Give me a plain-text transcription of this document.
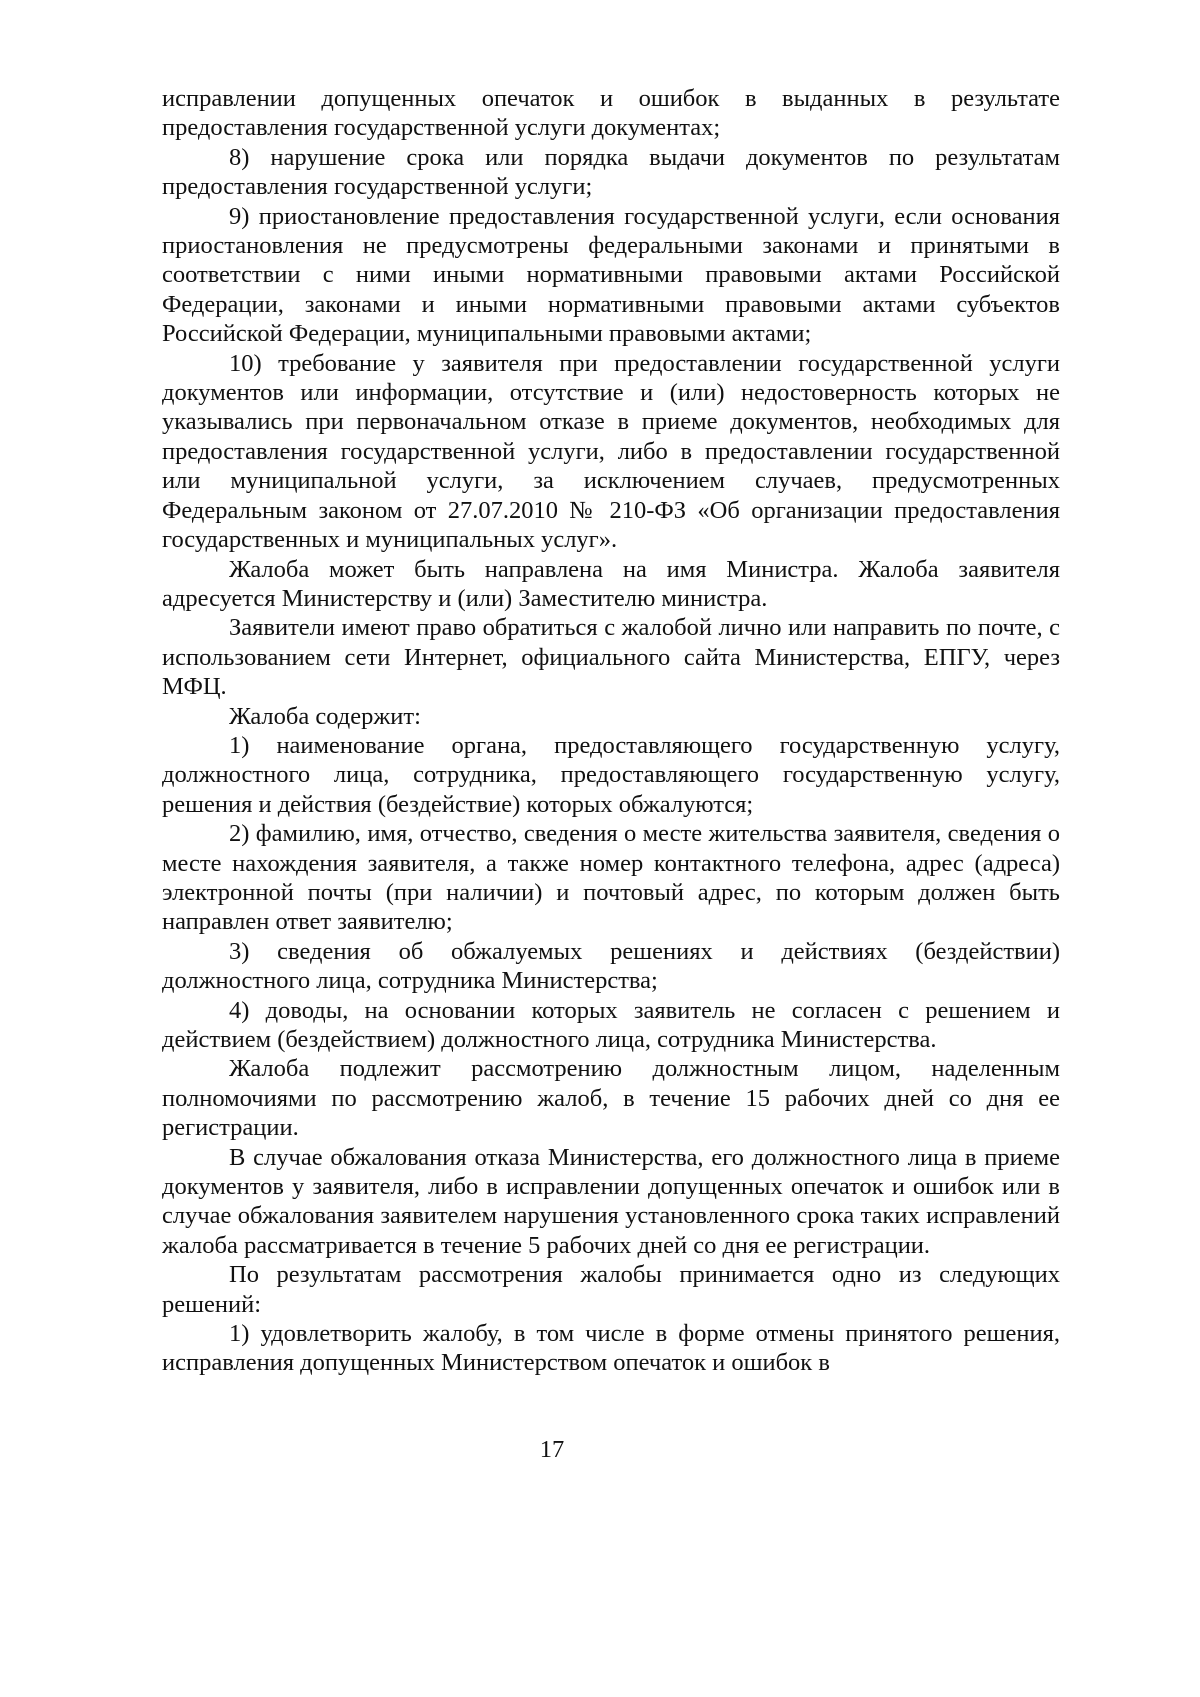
исправлении допущенных опечаток и ошибок в выданных в результате предоставления государственной услуги документах;

8) нарушение срока или порядка выдачи документов по результатам предоставления государственной услуги;

9) приостановление предоставления государственной услуги, если основания приостановления не предусмотрены федеральными законами и принятыми в соответствии с ними иными нормативными правовыми актами Российской Федерации, законами и иными нормативными правовыми актами субъектов Российской Федерации, муниципальными правовыми актами;

10) требование у заявителя при предоставлении государственной услуги документов или информации, отсутствие и (или) недостоверность которых не указывались при первоначальном отказе в приеме документов, необходимых для предоставления государственной услуги, либо в предоставлении государственной или муниципальной услуги, за исключением случаев, предусмотренных Федеральным законом от 27.07.2010 № 210-ФЗ «Об организации предоставления государственных и муниципальных услуг».

Жалоба может быть направлена на имя Министра. Жалоба заявителя адресуется Министерству и (или) Заместителю министра.

Заявители имеют право обратиться с жалобой лично или направить по почте, с использованием сети Интернет, официального сайта Министерства, ЕПГУ, через МФЦ.

Жалоба содержит:

1) наименование органа, предоставляющего государственную услугу, должностного лица, сотрудника, предоставляющего государственную услугу, решения и действия (бездействие) которых обжалуются;

2) фамилию, имя, отчество, сведения о месте жительства заявителя, сведения о месте нахождения заявителя, а также номер контактного телефона, адрес (адреса) электронной почты (при наличии) и почтовый адрес, по которым должен быть направлен ответ заявителю;

3) сведения об обжалуемых решениях и действиях (бездействии) должностного лица, сотрудника Министерства;

4) доводы, на основании которых заявитель не согласен с решением и действием (бездействием) должностного лица, сотрудника Министерства.

Жалоба подлежит рассмотрению должностным лицом, наделенным полномочиями по рассмотрению жалоб, в течение 15 рабочих дней со дня ее регистрации.

В случае обжалования отказа Министерства, его должностного лица в приеме документов у заявителя, либо в исправлении допущенных опечаток и ошибок или в случае обжалования заявителем нарушения установленного срока таких исправлений жалоба рассматривается в течение 5 рабочих дней со дня ее регистрации.

По результатам рассмотрения жалобы принимается одно из следующих решений:

1) удовлетворить жалобу, в том числе в форме отмены принятого решения, исправления допущенных Министерством опечаток и ошибок в

17
